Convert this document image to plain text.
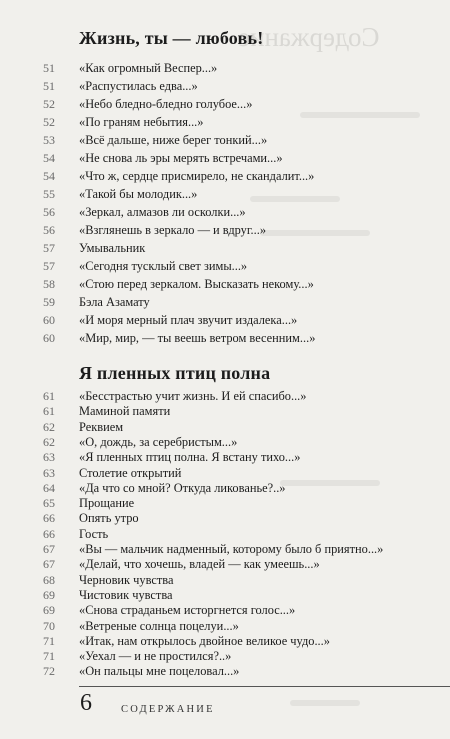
Содержание
Жизнь, ты — любовь!
51 «Как огромный Веспер...»
51 «Распустилась едва...»
52 «Небо бледно-бледно голубое...»
52 «По граням небытия...»
53 «Всё дальше, ниже берег тонкий...»
54 «Не снова ль эры мерять встречами...»
54 «Что ж, сердце присмирело, не скандалит...»
55 «Такой бы молодик...»
56 «Зеркал, алмазов ли осколки...»
56 «Взглянешь в зеркало — и вдруг...»
57 Умывальник
57 «Сегодня тусклый свет зимы...»
58 «Стою перед зеркалом. Высказать некому...»
59 Бэла Азамату
60 «И моря мерный плач звучит издалека...»
60 «Мир, мир, — ты веешь ветром весенним...»
Я пленных птиц полна
61 «Бесстрастью учит жизнь. И ей спасибо...»
61 Маминой памяти
62 Реквием
62 «О, дождь, за серебристым...»
63 «Я пленных птиц полна. Я встану тихо...»
63 Столетие открытий
64 «Да что со мной? Откуда ликованье?..»
65 Прощание
66 Опять утро
66 Гость
67 «Вы — мальчик надменный, которому было б приятно...»
67 «Делай, что хочешь, владей — как умеешь...»
68 Черновик чувства
69 Чистовик чувства
69 «Снова страданьем исторгнется голос...»
70 «Ветреные солнца поцелуи...»
71 «Итак, нам открылось двойное великое чудо...»
71 «Уехал — и не простился?..»
72 «Он пальцы мне поцеловал...»
6	СОДЕРЖАНИЕ
